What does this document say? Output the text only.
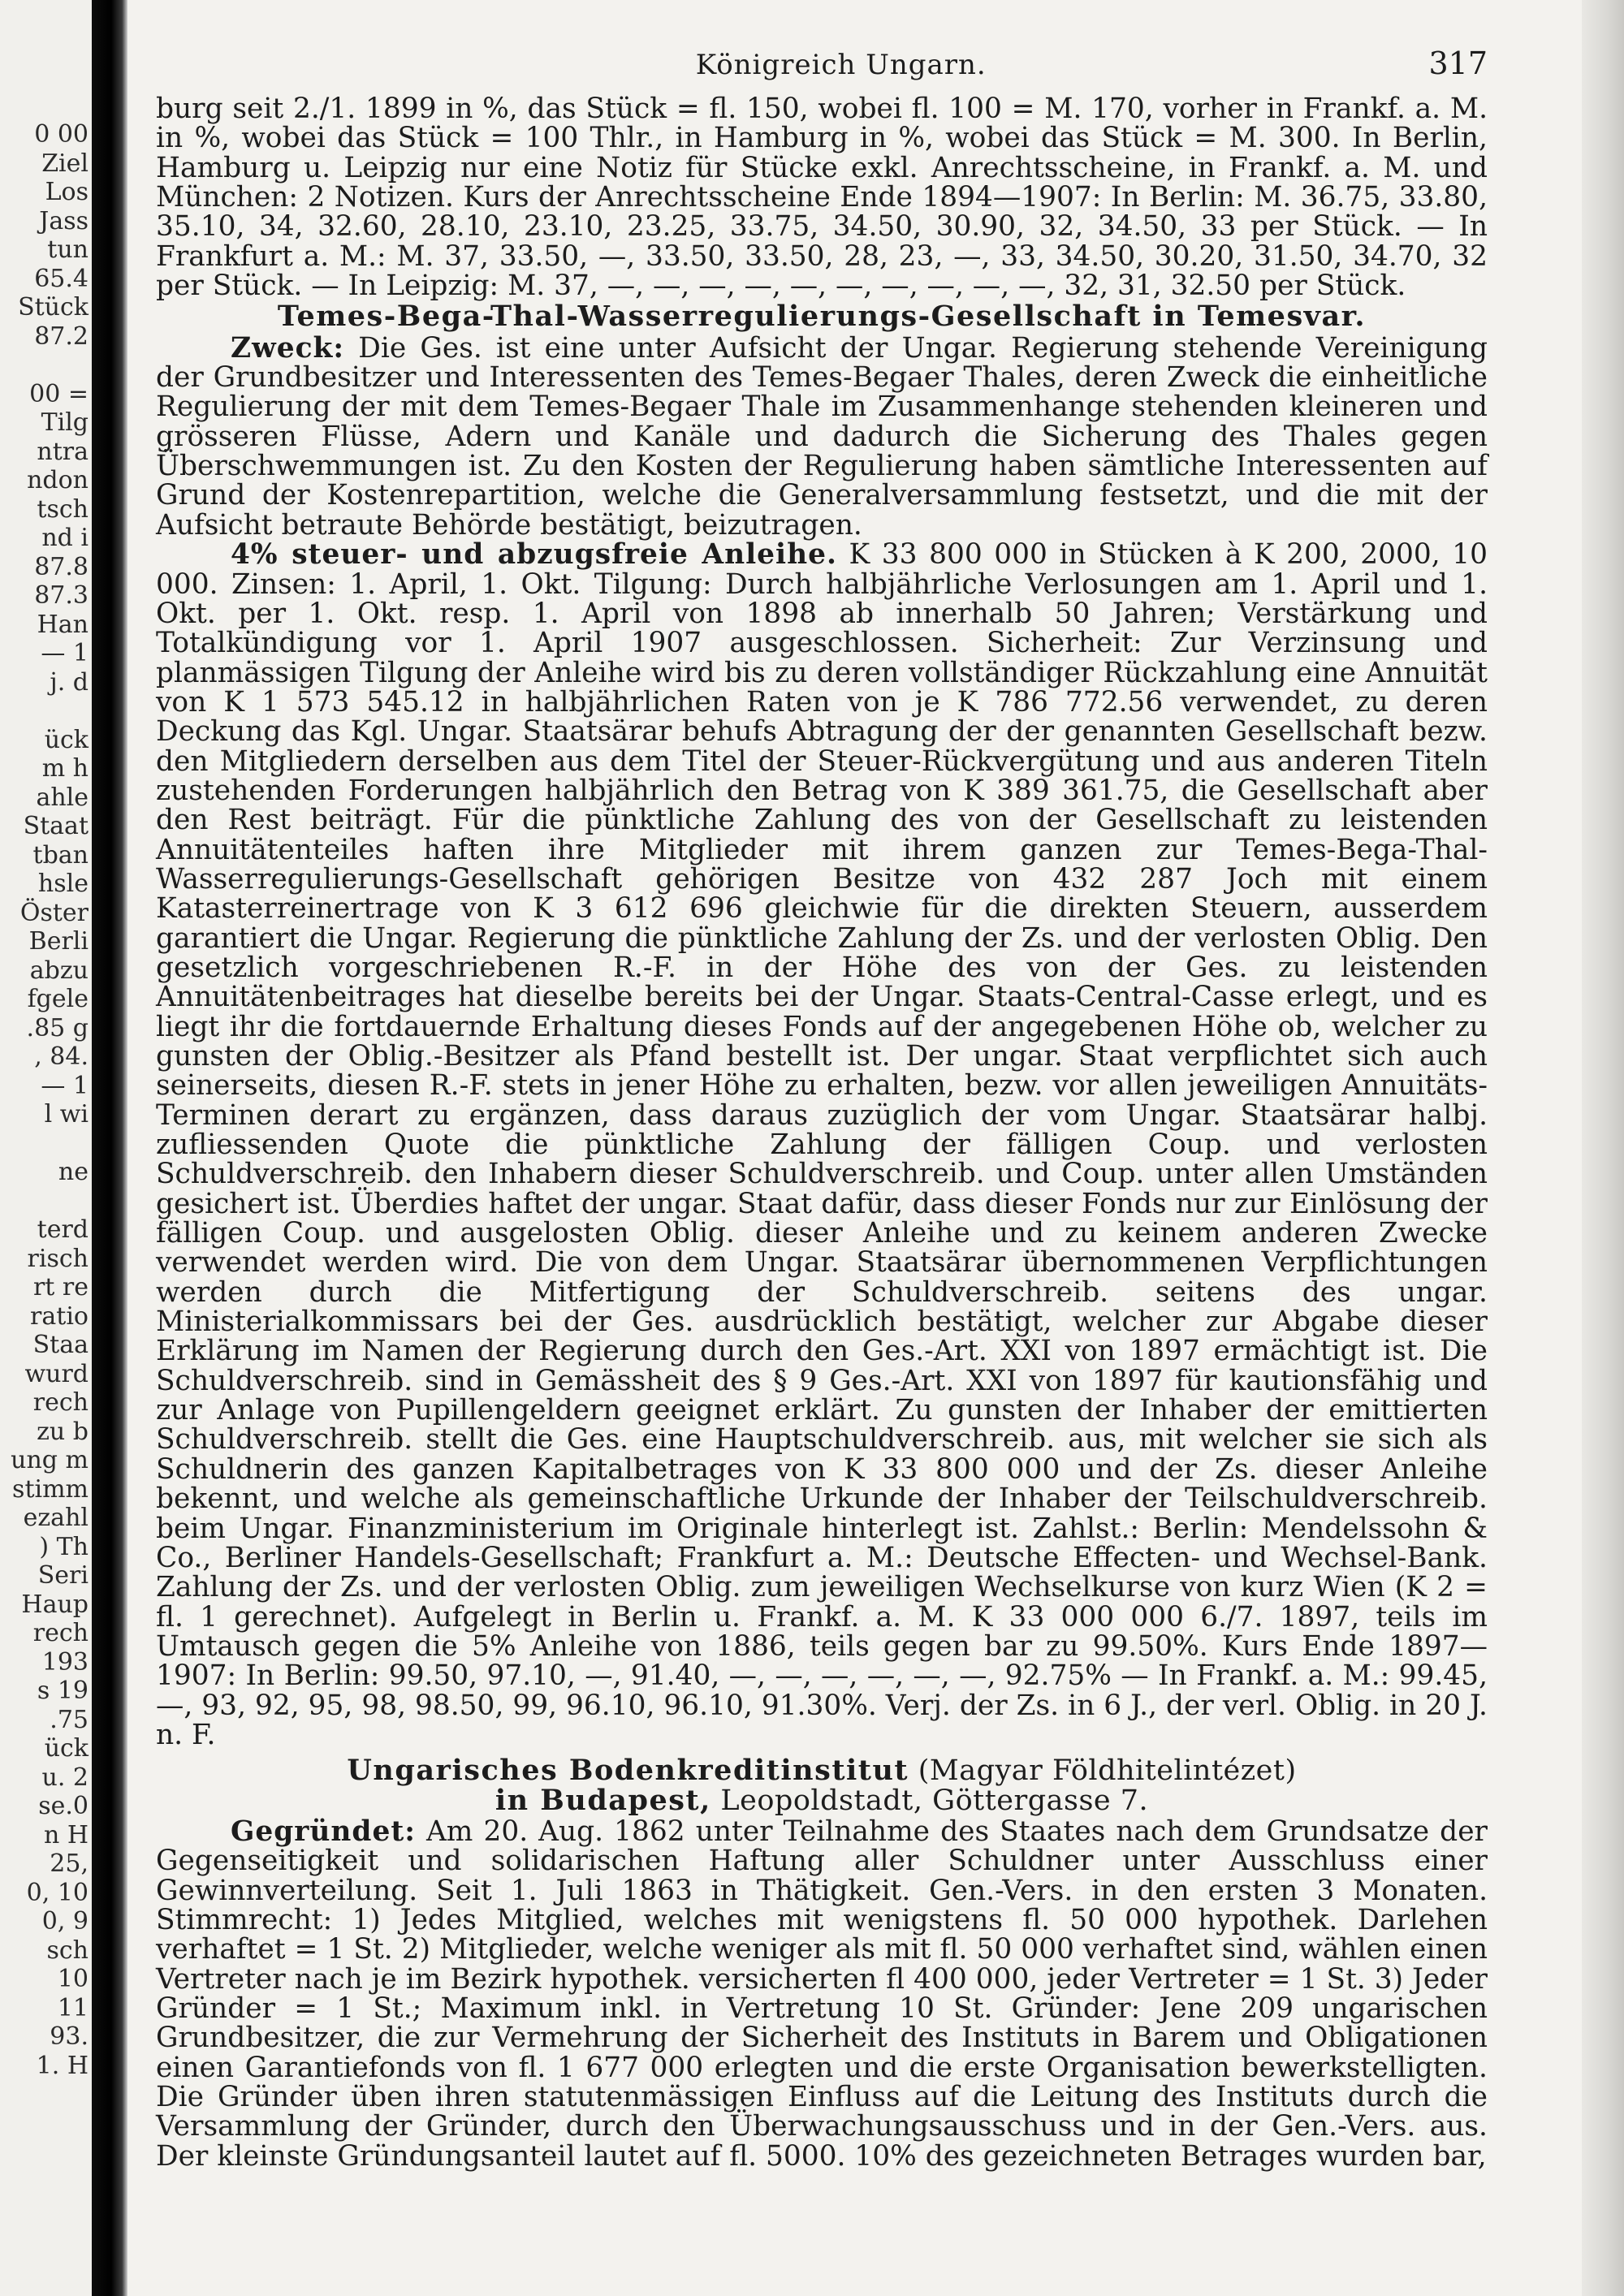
0 00
Ziel
Los
Jass
tun
65.4
Stück
87.2
00 =
Tilg
ntra
ndon
tsch
nd i
87.8
87.3
Han
— 1
j. d
ück
m h
ahle
Staat
tban
hsle
Öster
Berli
abzu
fgele
.85 g
, 84.
— 1
l wi
ne
terd
risch
rt re
ratio
Staa
wurd
rech
zu b
ung m
stimm
ezahl
) Th
Seri
Haup
rech
193
s 19
.75
ück
u. 2
se.0
n H
25,
0, 10
0, 9
sch
10
11
93.
1. H
Königreich Ungarn.	317

burg seit 2./1. 1899 in %, das Stück = fl. 150, wobei fl. 100 = M. 170, vorher in Frankf. a. M. in %, wobei das Stück = 100 Thlr., in Hamburg in %, wobei das Stück = M. 300. In Berlin, Hamburg u. Leipzig nur eine Notiz für Stücke exkl. Anrechtsscheine, in Frankf. a. M. und München: 2 Notizen. Kurs der Anrechtsscheine Ende 1894—1907: In Berlin: M. 36.75, 33.80, 35.10, 34, 32.60, 28.10, 23.10, 23.25, 33.75, 34.50, 30.90, 32, 34.50, 33 per Stück. — In Frankfurt a. M.: M. 37, 33.50, —, 33.50, 33.50, 28, 23, —, 33, 34.50, 30.20, 31.50, 34.70, 32 per Stück. — In Leipzig: M. 37, —, —, —, —, —, —, —, —, —, —, 32, 31, 32.50 per Stück.

Temes-Bega-Thal-Wasserregulierungs-Gesellschaft in Temesvar.

Zweck: Die Ges. ist eine unter Aufsicht der Ungar. Regierung stehende Vereinigung der Grundbesitzer und Interessenten des Temes-Begaer Thales, deren Zweck die einheitliche Regulierung der mit dem Temes-Begaer Thale im Zusammenhange stehenden kleineren und grösseren Flüsse, Adern und Kanäle und dadurch die Sicherung des Thales gegen Überschwemmungen ist. Zu den Kosten der Regulierung haben sämtliche Interessenten auf Grund der Kostenrepartition, welche die Generalversammlung festsetzt, und die mit der Aufsicht betraute Behörde bestätigt, beizutragen.

4% steuer- und abzugsfreie Anleihe. K 33 800 000 in Stücken à K 200, 2000, 10 000. Zinsen: 1. April, 1. Okt. Tilgung: Durch halbjährliche Verlosungen am 1. April und 1. Okt. per 1. Okt. resp. 1. April von 1898 ab innerhalb 50 Jahren; Verstärkung und Totalkündigung vor 1. April 1907 ausgeschlossen. Sicherheit: Zur Verzinsung und planmässigen Tilgung der Anleihe wird bis zu deren vollständiger Rückzahlung eine Annuität von K 1 573 545.12 in halbjährlichen Raten von je K 786 772.56 verwendet, zu deren Deckung das Kgl. Ungar. Staatsärar behufs Abtragung der der genannten Gesellschaft bezw. den Mitgliedern derselben aus dem Titel der Steuer-Rückvergütung und aus anderen Titeln zustehenden Forderungen halbjährlich den Betrag von K 389 361.75, die Gesellschaft aber den Rest beiträgt. Für die pünktliche Zahlung des von der Gesellschaft zu leistenden Annuitätenteiles haften ihre Mitglieder mit ihrem ganzen zur Temes-Bega-Thal-Wasserregulierungs-Gesellschaft gehörigen Besitze von 432 287 Joch mit einem Katasterreinertrage von K 3 612 696 gleichwie für die direkten Steuern, ausserdem garantiert die Ungar. Regierung die pünktliche Zahlung der Zs. und der verlosten Oblig. Den gesetzlich vorgeschriebenen R.-F. in der Höhe des von der Ges. zu leistenden Annuitätenbeitrages hat dieselbe bereits bei der Ungar. Staats-Central-Casse erlegt, und es liegt ihr die fortdauernde Erhaltung dieses Fonds auf der angegebenen Höhe ob, welcher zu gunsten der Oblig.-Besitzer als Pfand bestellt ist. Der ungar. Staat verpflichtet sich auch seinerseits, diesen R.-F. stets in jener Höhe zu erhalten, bezw. vor allen jeweiligen Annuitäts-Terminen derart zu ergänzen, dass daraus zuzüglich der vom Ungar. Staatsärar halbj. zufliessenden Quote die pünktliche Zahlung der fälligen Coup. und verlosten Schuldverschreib. den Inhabern dieser Schuldverschreib. und Coup. unter allen Umständen gesichert ist. Überdies haftet der ungar. Staat dafür, dass dieser Fonds nur zur Einlösung der fälligen Coup. und ausgelosten Oblig. dieser Anleihe und zu keinem anderen Zwecke verwendet werden wird. Die von dem Ungar. Staatsärar übernommenen Verpflichtungen werden durch die Mitfertigung der Schuldverschreib. seitens des ungar. Ministerialkommissars bei der Ges. ausdrücklich bestätigt, welcher zur Abgabe dieser Erklärung im Namen der Regierung durch den Ges.-Art. XXI von 1897 ermächtigt ist. Die Schuldverschreib. sind in Gemässheit des § 9 Ges.-Art. XXI von 1897 für kautionsfähig und zur Anlage von Pupillengeldern geeignet erklärt. Zu gunsten der Inhaber der emittierten Schuldverschreib. stellt die Ges. eine Hauptschuldverschreib. aus, mit welcher sie sich als Schuldnerin des ganzen Kapitalbetrages von K 33 800 000 und der Zs. dieser Anleihe bekennt, und welche als gemeinschaftliche Urkunde der Inhaber der Teilschuldverschreib. beim Ungar. Finanzministerium im Originale hinterlegt ist. Zahlst.: Berlin: Mendelssohn & Co., Berliner Handels-Gesellschaft; Frankfurt a. M.: Deutsche Effecten- und Wechsel-Bank. Zahlung der Zs. und der verlosten Oblig. zum jeweiligen Wechselkurse von kurz Wien (K 2 = fl. 1 gerechnet). Aufgelegt in Berlin u. Frankf. a. M. K 33 000 000 6./7. 1897, teils im Umtausch gegen die 5% Anleihe von 1886, teils gegen bar zu 99.50%. Kurs Ende 1897—1907: In Berlin: 99.50, 97.10, —, 91.40, —, —, —, —, —, —, 92.75% — In Frankf. a. M.: 99.45, —, 93, 92, 95, 98, 98.50, 99, 96.10, 96.10, 91.30%. Verj. der Zs. in 6 J., der verl. Oblig. in 20 J. n. F.

Ungarisches Bodenkreditinstitut (Magyar Földhitelintézet)
in Budapest, Leopoldstadt, Göttergasse 7.

Gegründet: Am 20. Aug. 1862 unter Teilnahme des Staates nach dem Grundsatze der Gegenseitigkeit und solidarischen Haftung aller Schuldner unter Ausschluss einer Gewinnverteilung. Seit 1. Juli 1863 in Thätigkeit. Gen.-Vers. in den ersten 3 Monaten. Stimmrecht: 1) Jedes Mitglied, welches mit wenigstens fl. 50 000 hypothek. Darlehen verhaftet = 1 St. 2) Mitglieder, welche weniger als mit fl. 50 000 verhaftet sind, wählen einen Vertreter nach je im Bezirk hypothek. versicherten fl 400 000, jeder Vertreter = 1 St. 3) Jeder Gründer = 1 St.; Maximum inkl. in Vertretung 10 St. Gründer: Jene 209 ungarischen Grundbesitzer, die zur Vermehrung der Sicherheit des Instituts in Barem und Obligationen einen Garantiefonds von fl. 1 677 000 erlegten und die erste Organisation bewerkstelligten. Die Gründer üben ihren statutenmässigen Einfluss auf die Leitung des Instituts durch die Versammlung der Gründer, durch den Überwachungsausschuss und in der Gen.-Vers. aus. Der kleinste Gründungsanteil lautet auf fl. 5000. 10% des gezeichneten Betrages wurden bar,
